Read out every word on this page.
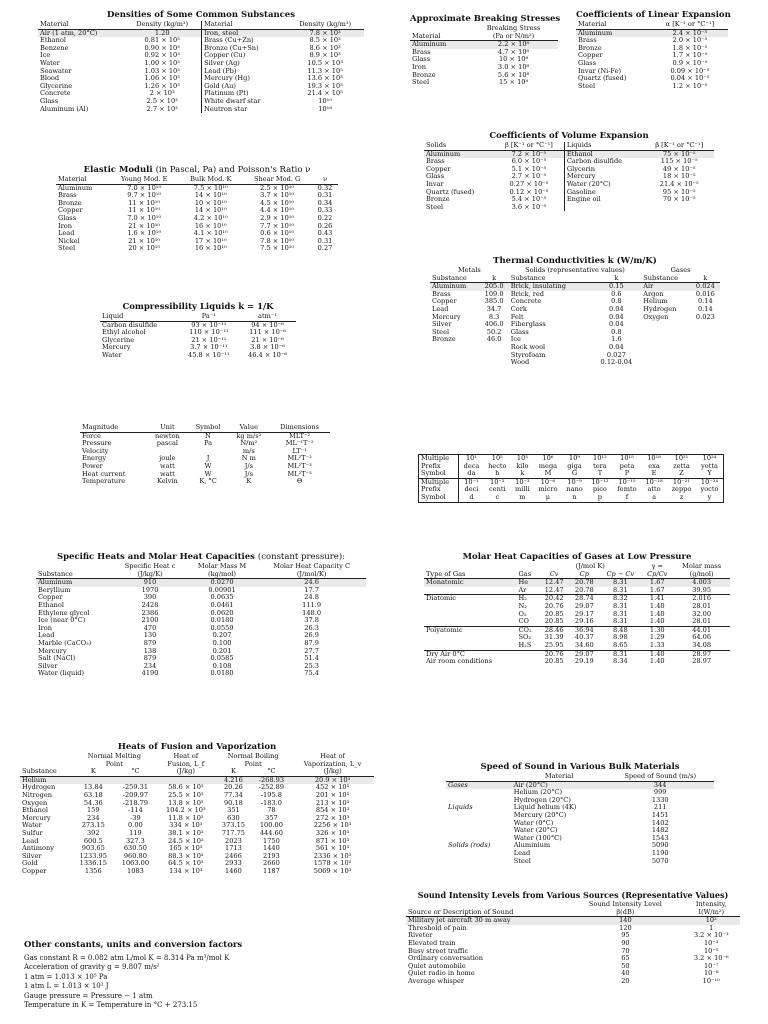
Densities of Some Common Substances
Material	Density (kg/m³)	Material	Density (kg/m³)
Air (1 atm, 20°C)	1.20	Iron, steel	7.8 × 10³
Ethanol	0.81 × 10³	Brass (Cu+Zn)	8.5 × 10³
Benzene	0.90 × 10³	Bronze (Cu+Sn)	8.6 × 10³
Ice	0.92 × 10³	Copper (Cu)	8.9 × 10³
Water	1.00 × 10³	Silver (Ag)	10.5 × 10³
Seawater	1.03 × 10³	Lead (Pb)	11.3 × 10³
Blood	1.06 × 10³	Mercury (Hg)	13.6 × 10³
Glycerine	1.26 × 10³	Gold (Au)	19.3 × 10³
Concrete	2 × 10³	Platinum (Pt)	21.4 × 10³
Glass	2.5 × 10³	White dwarf star	10¹⁰
Aluminum (Al)	2.7 × 10³	Neutron star	10¹⁸
Elastic Moduli (in Pascal, Pa) and Poisson's Ratio ν
Material	Young Mod. E	Bulk Mod. K	Shear Mod. G	ν
Aluminum	7.0 × 10¹⁰	7.5 × 10¹⁰	2.5 × 10¹⁰	0.32
Brass	9.7 × 10¹⁰	14 × 10¹⁰	3.7 × 10¹⁰	0.31
Bronze	11 × 10¹⁰	10 × 10¹⁰	4.5 × 10¹⁰	0.34
Copper	11 × 10¹⁰	14 × 10¹⁰	4.4 × 10¹⁰	0.33
Glass	7.0 × 10¹⁰	4.2 × 10¹⁰	2.9 × 10¹⁰	0.22
Iron	21 × 10¹⁰	16 × 10¹⁰	7.7 × 10¹⁰	0.26
Lead	1.6 × 10¹⁰	4.1 × 10¹⁰	0.6 × 10¹⁰	0.43
Nickel	21 × 10¹⁰	17 × 10¹⁰	7.8 × 10¹⁰	0.31
Steel	20 × 10¹⁰	16 × 10¹⁰	7.5 × 10¹⁰	0.27
Compressibility Liquids k = 1/K
Liquid	Pa⁻¹	atm⁻¹
Carbon disulfide	93 × 10⁻¹¹	94 × 10⁻⁶
Ethyl alcohol	110 × 10⁻¹¹	111 × 10⁻⁶
Glycerine	21 × 10⁻¹¹	21 × 10⁻⁶
Mercury	3.7 × 10⁻¹¹	3.8 × 10⁻⁶
Water	45.8 × 10⁻¹¹	46.4 × 10⁻⁶
Magnitude	Unit	Symbol	Value	Dimensions
Force	newton	N	kg m/s²	MLT⁻²
Pressure	pascal	Pa	N/m²	ML⁻¹T⁻²
Velocity			m/s	LT⁻¹
Energy	joule	J	N m	ML²T⁻²
Power	watt	W	J/s	ML²T⁻³
Heat current	watt	W	J/s	ML²T⁻³
Temperature	Kelvin	K, °C	K	Θ
Approximate Breaking Stresses
	Breaking Stress
Material	(Pa or N/m²)
Aluminum	2.2 × 10⁸
Brass	4.7 × 10⁸
Glass	10 × 10⁸
Iron	3.0 × 10⁸
Bronze	5.6 × 10⁸
Steel	15 × 10⁸
Coefficients of Linear Expansion
Material	α [K⁻¹ or °C⁻¹]
Aluminum	2.4 × 10⁻⁵
Brass	2.0 × 10⁻⁵
Bronze	1.8 × 10⁻⁵
Copper	1.7 × 10⁻⁵
Glass	0.9 × 10⁻⁵
Invar (Ni-Fe)	0.09 × 10⁻⁵
Quartz (fused)	0.04 × 10⁻⁵
Steel	1.2 × 10⁻⁵
Coefficients of Volume Expansion
Solids	β [K⁻¹ or °C⁻¹]	Liquids	β [K⁻¹ or °C⁻¹]
Aluminum	7.2 × 10⁻⁵	Ethanol	75 × 10⁻⁵
Brass	6.0 × 10⁻⁵	Carbon disulfide	115 × 10⁻⁵
Copper	5.1 × 10⁻⁵	Glycerin	49 × 10⁻⁵
Glass	2.7 × 10⁻⁵	Mercury	18 × 10⁻⁵
Invar	0.27 × 10⁻⁵	Water (20°C)	21.4 × 10⁻⁵
Quartz (fused)	0.12 × 10⁻⁵	Gasoline	95 × 10⁻⁵
Bronze	5.4 × 10⁻⁵	Engine oil	70 × 10⁻⁵
Steel	3.6 × 10⁻⁵		
Thermal Conductivities k (W/m/K)
Metals		Solids (representative values)		Gases	
Substance	k	Substance	k	Substance	k
Aluminum	205.0	Brick, insulating	0.15	Air	0.024
Brass	109.0	Brick, red	0.6	Argon	0.016
Copper	385.0	Concrete	0.8	Helium	0.14
Lead	34.7	Cork	0.04	Hydrogen	0.14
Mercury	8.3	Felt	0.04	Oxygen	0.023
Silver	406.0	Fiberglass	0.04		
Steel	50.2	Glass	0.8		
Bronze	46.0	Ice	1.6		
		Rock wool	0.04		
		Styrofoam	0.027		
		Wood	0.12-0.04		
Multiple	10¹	10²	10³	10⁶	10⁹	10¹²	10¹⁵	10¹⁸	10²¹	10²⁴
Prefix	deca	hecto	kilo	mega	giga	tera	peta	exa	zetta	yotta
Symbol	da	h	k	M	G	T	P	E	Z	Y
Multiple	10⁻¹	10⁻²	10⁻³	10⁻⁶	10⁻⁹	10⁻¹²	10⁻¹⁵	10⁻¹⁸	10⁻²¹	10⁻²⁴
Prefix	deci	centi	milli	micro	nano	pico	femto	atto	zeppo	yocto
Symbol	d	c	m	μ	n	p	f	a	z	y
Specific Heats and Molar Heat Capacities (constant pressure):
	Specific Heat c	Molar Mass M	Molar Heat Capacity C
Substance	(J/kg/K)	(kg/mol)	(J/mol/K)
Aluminum	910	0.0270	24.6
Beryllium	1970	0.00901	17.7
Copper	390	0.0635	24.8
Ethanol	2428	0.0461	111.9
Ethylene glycol	2386	0.0620	148.0
Ice (near 0°C)	2100	0.0180	37.8
Iron	470	0.0559	26.3
Lead	130	0.207	26.9
Marble (CaCO₃)	879	0.100	87.9
Mercury	138	0.201	27.7
Salt (NaCl)	879	0.0585	51.4
Silver	234	0.108	25.3
Water (liquid)	4190	0.0180	75.4
Molar Heat Capacities of Gases at Low Pressure
		(J/mol K)			γ =	Molar mass
Type of Gas	Gas	Cv	Cp	Cp − Cv	Cp/Cv	(g/mol)
Monatomic	He	12.47	20.78	8.31	1.67	4.003
	Ar	12.47	20.78	8.31	1.67	39.95
Diatomic	H₂	20.42	28.74	8.32	1.41	2.016
	N₂	20.76	29.07	8.31	1.40	28.01
	O₂	20.85	29.17	8.31	1.40	32.00
	CO	20.85	29.16	8.31	1.40	28.01
Polyatomic	CO₂	28.46	36.94	8.48	1.30	44.01
	SO₂	31.39	40.37	8.98	1.29	64.06
	H₂S	25.95	34.60	8.65	1.33	34.08
Dry Air 0°C		20.76	29.07	8.31	1.40	28.97
Air room conditions		20.85	29.19	8.34	1.40	28.97
Heats of Fusion and Vaporization
	Normal Melting		Heat of	Normal Boiling		Heat of
	Point		Fusion, L_f	Point		Vaporization, L_v
Substance	K	°C	(J/kg)	K	°C	(J/kg)
Helium				4.216	-268.93	20.9 × 10³
Hydrogen	13.84	-259.31	58.6 × 10³	20.26	-252.89	452 × 10³
Nitrogen	63.18	-209.97	25.5 × 10³	77.34	-195.8	201 × 10³
Oxygen	54.36	-218.79	13.8 × 10³	90.18	-183.0	213 × 10³
Ethanol	159	-114	104.2 × 10³	351	78	854 × 10³
Mercury	234	-39	11.8 × 10³	630	357	272 × 10³
Water	273.15	0.00	334 × 10³	373.15	100.00	2256 × 10³
Sulfur	392	119	38.1 × 10³	717.75	444.60	326 × 10³
Lead	600.5	327.3	24.5 × 10³	2023	1750	871 × 10³
Antimony	903.65	630.50	165 × 10³	1713	1440	561 × 10³
Silver	1233.95	960.80	88.3 × 10³	2466	2193	2336 × 10³
Gold	1336.15	1063.00	64.5 × 10³	2933	2660	1578 × 10³
Copper	1356	1083	134 × 10³	1460	1187	5069 × 10³
Speed of Sound in Various Bulk Materials
	Material	Speed of Sound (m/s)
Gases	Air (20°C)	344
	Helium (20°C)	999
	Hydrogen (20°C)	1330
Liquids	Liquid helium (4K)	211
	Mercury (20°C)	1451
	Water (0°C)	1402
	Water (20°C)	1482
	Water (100°C)	1543
Solids (rods)	Aluminium	5090
	Lead	1190
	Steel	5070
Sound Intensity Levels from Various Sources (Representative Values)
	Sound Intensity Level	Intensity,
Source or Description of Sound	β(dB)	I(W/m²)
Military jet aircraft 30 m away	140	10²
Threshold of pain	120	1
Riveter	95	3.2 × 10⁻³
Elevated train	90	10⁻³
Busy street traffic	70	10⁻⁵
Ordinary conversation	65	3.2 × 10⁻⁶
Quiet automobile	50	10⁻⁷
Quiet radio in home	40	10⁻⁸
Average whisper	20	10⁻¹⁰
Other constants, units and conversion factors
Gas constant R = 0.082 atm L/mol K = 8.314 Pa m³/mol K
Acceleration of gravity g = 9.807 m/s²
1 atm = 1.013 × 10⁵ Pa
1 atm L = 1.013 × 10² J
Gauge pressure = Pressure − 1 atm
Temperature in K = Temperature in °C + 273.15
